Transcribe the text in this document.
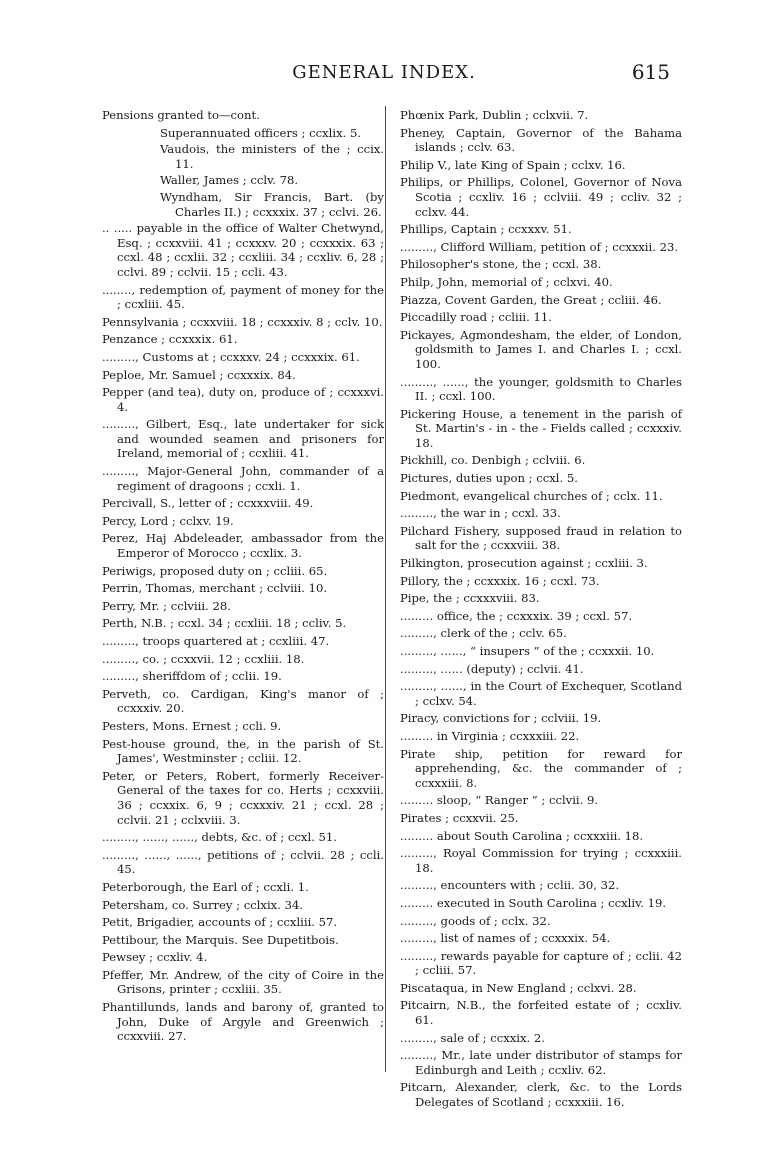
GENERAL INDEX.	615

Pensions granted to—cont.

Superannuated officers ; ccxlix. 5.

Vaudois, the ministers of the ; ccix. 11.

Waller, James ; cclv. 78.

Wyndham, Sir Francis, Bart. (by Charles II.) ; ccxxxix. 37 ; cclvi. 26.

.. ..... payable in the office of Walter Chetwynd, Esq. ; ccxxviii. 41 ; ccxxxv. 20 ; ccxxxix. 63 ; ccxl. 48 ; ccxlii. 32 ; ccxliii. 34 ; ccxliv. 6, 28 ; cclvi. 89 ; cclvii. 15 ; ccli. 43.

........, redemption of, payment of money for the ; ccxliii. 45.

Pennsylvania ; ccxxviii. 18 ; ccxxxiv. 8 ; cclv. 10.

Penzance ; ccxxxix. 61.

........., Customs at ; ccxxxv. 24 ; ccxxxix. 61.

Peploe, Mr. Samuel ; ccxxxix. 84.

Pepper (and tea), duty on, produce of ; ccxxxvi. 4.

........., Gilbert, Esq., late undertaker for sick and wounded seamen and prisoners for Ireland, memorial of ; ccxliii. 41.

........., Major-General John, commander of a regiment of dragoons ; ccxli. 1.

Percivall, S., letter of ; ccxxxviii. 49.

Percy, Lord ; cclxv. 19.

Perez, Haj Abdeleader, ambassador from the Emperor of Morocco ; ccxlix. 3.

Periwigs, proposed duty on ; ccliii. 65.

Perrin, Thomas, merchant ; cclviii. 10.

Perry, Mr. ; cclviii. 28.

Perth, N.B. ; ccxl. 34 ; ccxliii. 18 ; ccliv. 5.

........., troops quartered at ; ccxliii. 47.

........., co. ; ccxxvii. 12 ; ccxliii. 18.

........., sheriffdom of ; cclii. 19.

Perveth, co. Cardigan, King's manor of ; ccxxxiv. 20.

Pesters, Mons. Ernest ; ccli. 9.

Pest-house ground, the, in the parish of St. James', Westminster ; ccliii. 12.

Peter, or Peters, Robert, formerly Receiver-General of the taxes for co. Herts ; ccxxviii. 36 ; ccxxix. 6, 9 ; ccxxxiv. 21 ; ccxl. 28 ; cclvii. 21 ; cclxviii. 3.

........., ......, ......, debts, &c. of ; ccxl. 51.

........., ......, ......, petitions of ; cclvii. 28 ; ccli. 45.

Peterborough, the Earl of ; ccxli. 1.

Petersham, co. Surrey ; cclxix. 34.

Petit, Brigadier, accounts of ; ccxliii. 57.

Pettibour, the Marquis. See Dupetitbois.

Pewsey ; ccxliv. 4.

Pfeffer, Mr. Andrew, of the city of Coire in the Grisons, printer ; ccxliii. 35.

Phantillunds, lands and barony of, granted to John, Duke of Argyle and Greenwich ; ccxxviii. 27.

Phœnix Park, Dublin ; cclxvii. 7.

Pheney, Captain, Governor of the Bahama islands ; cclv. 63.

Philip V., late King of Spain ; cclxv. 16.

Philips, or Phillips, Colonel, Governor of Nova Scotia ; ccxliv. 16 ; cclviii. 49 ; ccliv. 32 ; cclxv. 44.

Phillips, Captain ; ccxxxv. 51.

........., Clifford William, petition of ; ccxxxii. 23.

Philosopher's stone, the ; ccxl. 38.

Philp, John, memorial of ; cclxvi. 40.

Piazza, Covent Garden, the Great ; ccliii. 46.

Piccadilly road ; ccliii. 11.

Pickayes, Agmondesham, the elder, of London, goldsmith to James I. and Charles I. ; ccxl. 100.

........., ......, the younger, goldsmith to Charles II. ; ccxl. 100.

Pickering House, a tenement in the parish of St. Martin's - in - the - Fields called ; ccxxxiv. 18.

Pickhill, co. Denbigh ; cclviii. 6.

Pictures, duties upon ; ccxl. 5.

Piedmont, evangelical churches of ; cclx. 11.

........., the war in ; ccxl. 33.

Pilchard Fishery, supposed fraud in relation to salt for the ; ccxxviii. 38.

Pilkington, prosecution against ; ccxliii. 3.

Pillory, the ; ccxxxix. 16 ; ccxl. 73.

Pipe, the ; ccxxxviii. 83.

......... office, the ; ccxxxix. 39 ; ccxl. 57.

........., clerk of the ; cclv. 65.

........., ......, “ insupers ” of the ; ccxxxii. 10.

........., ...... (deputy) ; cclvii. 41.

........., ......, in the Court of Exchequer, Scotland ; cclxv. 54.

Piracy, convictions for ; cclviii. 19.

......... in Virginia ; ccxxxiii. 22.

Pirate ship, petition for reward for apprehending, &c. the commander of ; ccxxxiii. 8.

......... sloop, “ Ranger ” ; cclvii. 9.

Pirates ; ccxxvii. 25.

......... about South Carolina ; ccxxxiii. 18.

........., Royal Commission for trying ; ccxxxiii. 18.

........., encounters with ; cclii. 30, 32.

......... executed in South Carolina ; ccxliv. 19.

........., goods of ; cclx. 32.

........., list of names of ; ccxxxix. 54.

........., rewards payable for capture of ; cclii. 42 ; ccliii. 57.

Piscataqua, in New England ; cclxvi. 28.

Pitcairn, N.B., the forfeited estate of ; ccxliv. 61.

........., sale of ; ccxxix. 2.

........., Mr., late under distributor of stamps for Edinburgh and Leith ; ccxliv. 62.

Pitcarn, Alexander, clerk, &c. to the Lords Delegates of Scotland ; ccxxxiii. 16.
